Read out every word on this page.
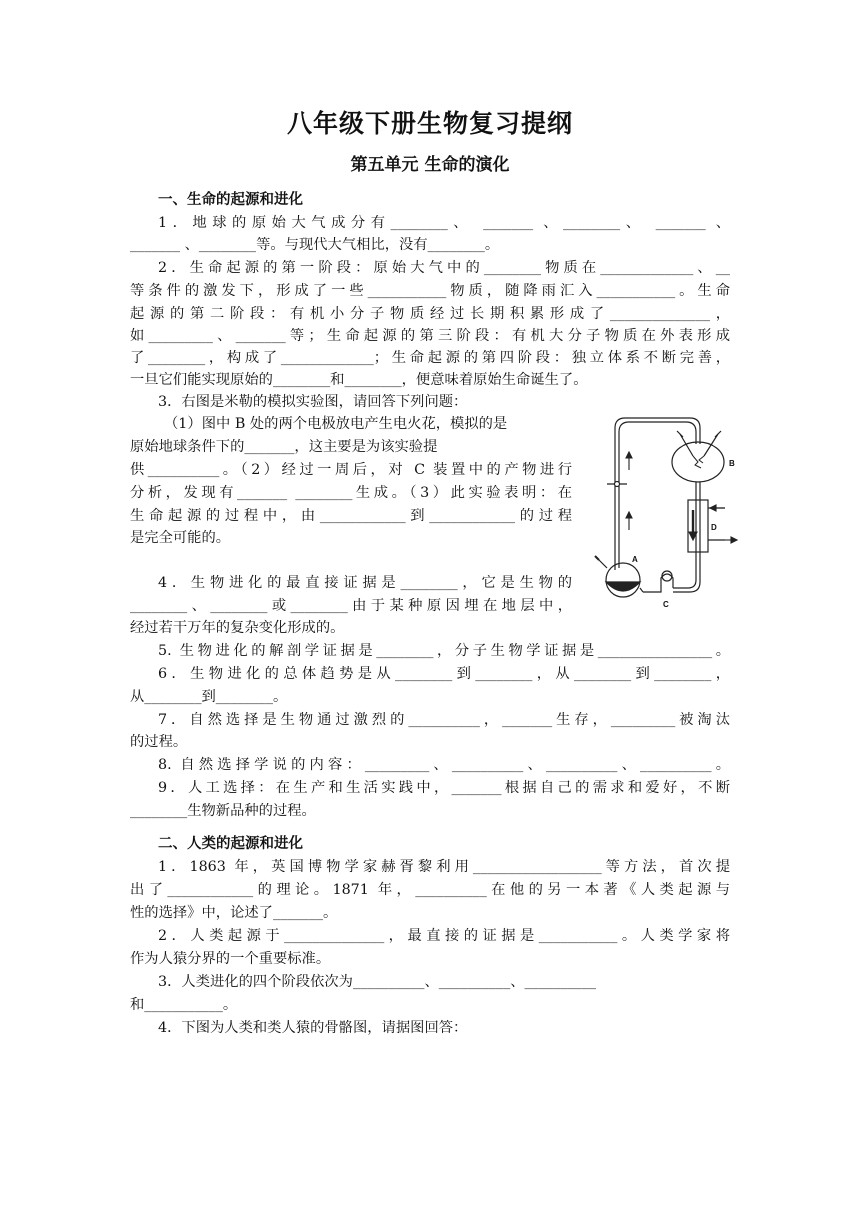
八年级下册生物复习提纲
第五单元 生命的演化
一、生命的起源和进化
1．地球的原始大气成分有________、 _______ 、________、 _______ 、
_______ 、________等。与现代大气相比，没有________。
2．生命起源的第一阶段：原始大气中的________物质在_____________、__
等条件的激发下，形成了一些___________物质，随降雨汇入___________。生命
起源的第二阶段：有机小分子物质经过长期积累形成了______________，
如_________、_______等；生命起源的第三阶段：有机大分子物质在外表形成
了________，构成了_____________；生命起源的第四阶段：独立体系不断完善，
一旦它们能实现原始的________和________，便意味着原始生命诞生了。
3．右图是米勒的模拟实验图，请回答下列问题：
（1）图中 B 处的两个电极放电产生电火花，模拟的是
原始地球条件下的_______，这主要是为该实验提
供__________。（2）经过一周后，对 C 装置中的产物进行
分析，发现有_______ ________生成。（3）此实验表明：在
生命起源的过程中，由____________到____________的过程
是完全可能的。
4．生物进化的最直接证据是________，它是生物的
________、________或________由于某种原因埋在地层中，
经过若干万年的复杂变化形成的。
5. 生物进化的解剖学证据是________，分子生物学证据是________________。
6．生物进化的总体趋势是从________到________，从________到________，
从________到________。
7．自然选择是生物通过激烈的__________，_______生存，_________被淘汰
的过程。
8. 自然选择学说的内容：_________、__________、__________、__________。
9．人工选择：在生产和生活实践中，_______根据自己的需求和爱好，不断
________生物新品种的过程。
二、人类的起源和进化
1．1863 年，英国博物学家赫胥黎利用__________________等方法，首次提
出了____________的理论。1871 年，__________在他的另一本著《人类起源与
性的选择》中，论述了_______。
2．人类起源于______________，最直接的证据是___________。人类学家将
作为人猿分界的一个重要标准。
3．人类进化的四个阶段依次为__________、__________、__________
和___________。
4．下图为人类和类人猿的骨骼图，请据图回答：
A
B
C
D
